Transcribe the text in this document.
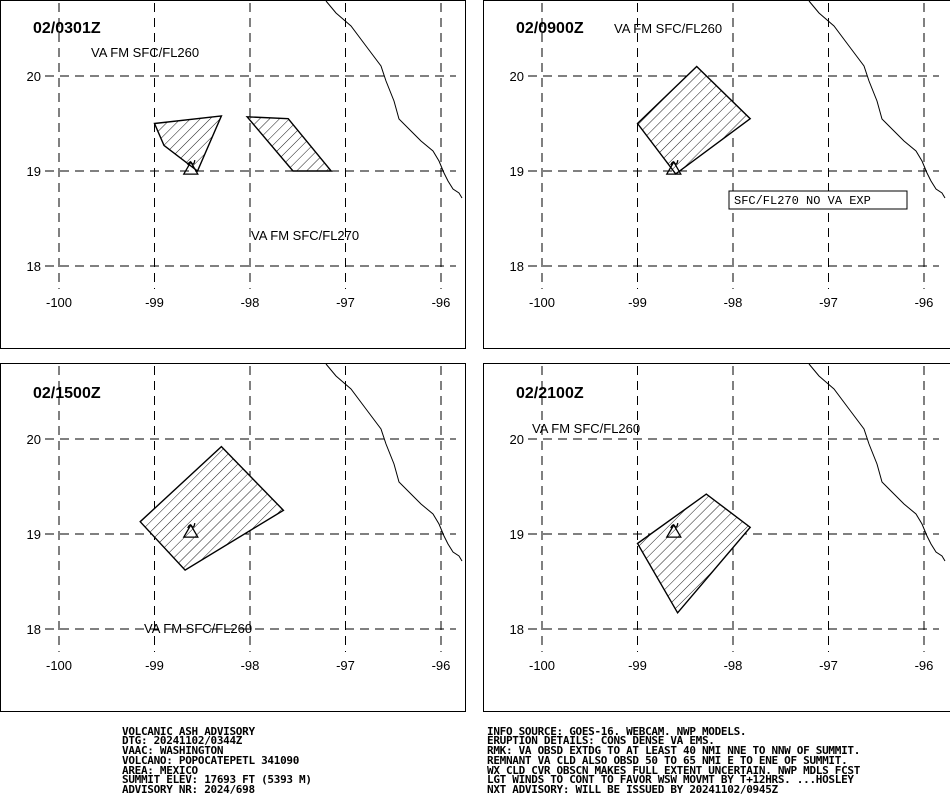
02/0301Z
VA FM SFC/FL260
VA FM SFC/FL270
-100	-99	-98	-97	-96
20
19
18
02/0900Z VA FM SFC/FL260
SFC/FL270 NO VA EXP
-100	-99	-98	-97	-96
20
19
18
02/1500Z
VA FM SFC/FL260
-100	-99	-98	-97	-96
20
19
18
02/2100Z
VA FM SFC/FL260
-100	-99	-98	-97	-96
20
19
18

VOLCANIC ASH ADVISORY
DTG: 20241102/0344Z
VAAC: WASHINGTON
VOLCANO: POPOCATEPETL 341090
AREA: MEXICO
SUMMIT ELEV: 17693 FT (5393 M)
ADVISORY NR: 2024/698

INFO SOURCE: GOES-16. WEBCAM. NWP MODELS.
ERUPTION DETAILS: CONS DENSE VA EMS.
RMK: VA OBSD EXTDG TO AT LEAST 40 NMI NNE TO NNW OF SUMMIT.
REMNANT VA CLD ALSO OBSD 50 TO 65 NMI E TO ENE OF SUMMIT.
WX CLD CVR OBSCN MAKES FULL EXTENT UNCERTAIN. NWP MDLS FCST
LGT WINDS TO CONT TO FAVOR WSW MOVMT BY T+12HRS. ...HOSLEY
NXT ADVISORY: WILL BE ISSUED BY 20241102/0945Z
